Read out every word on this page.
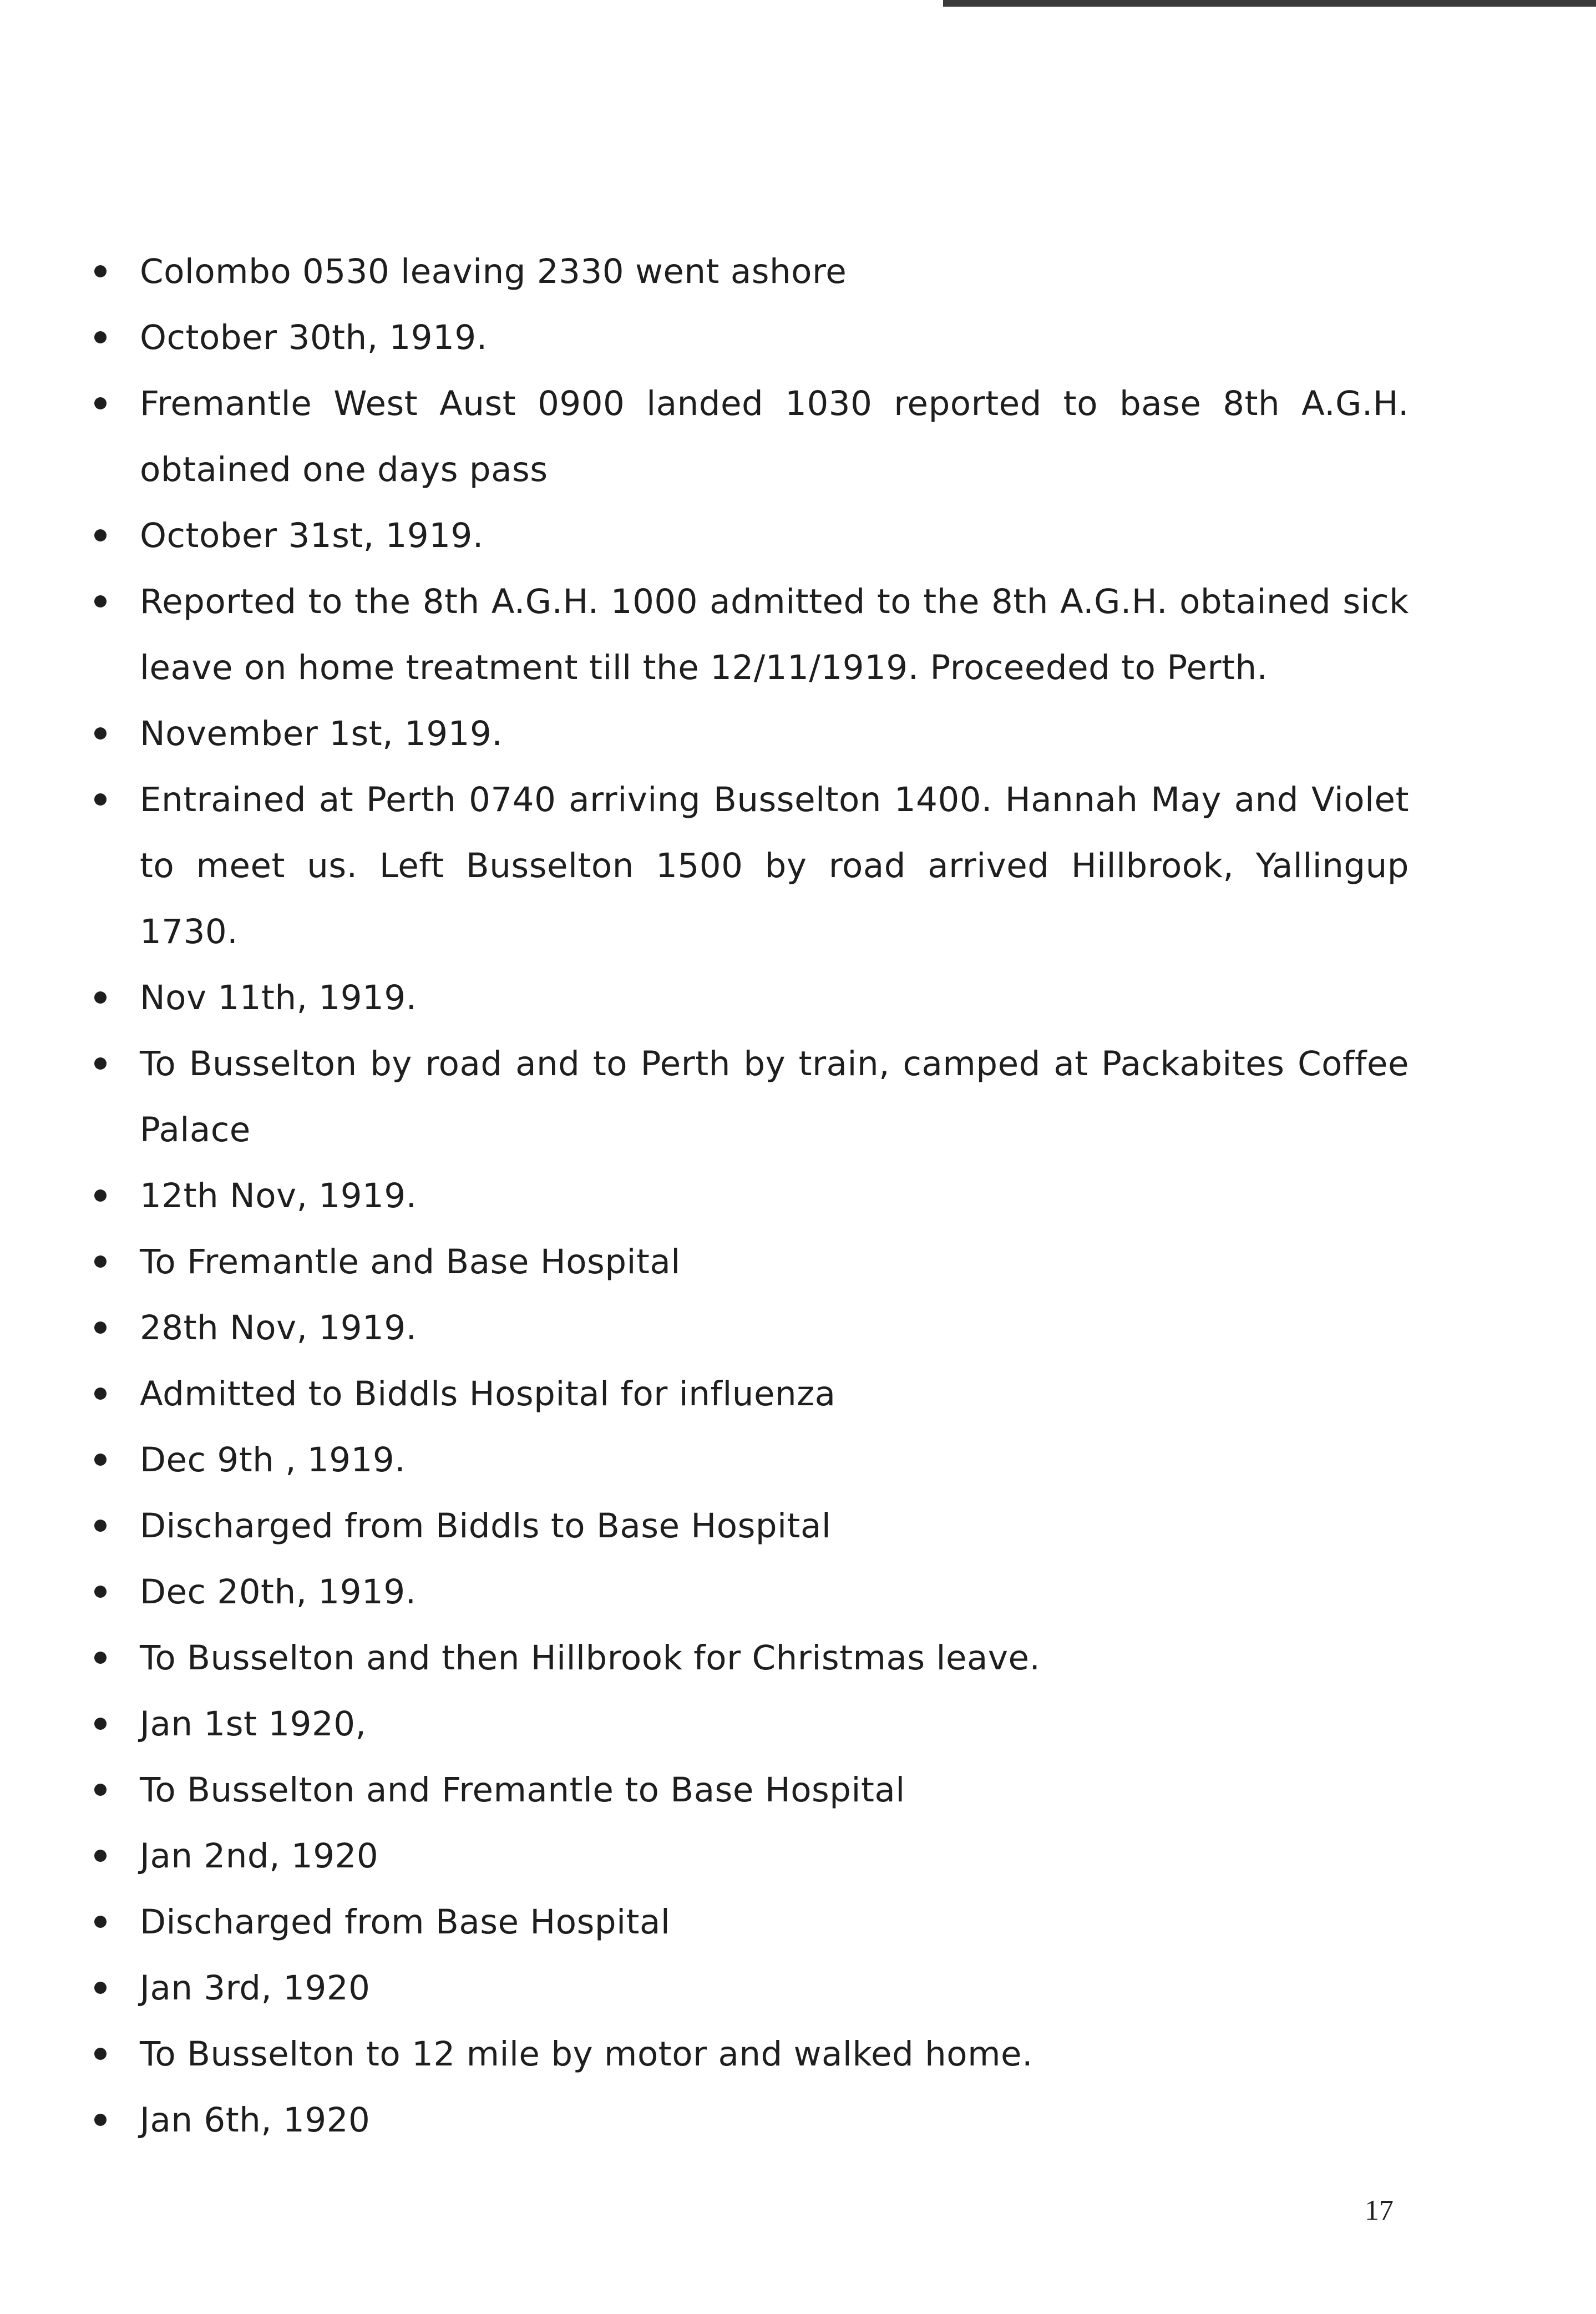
Colombo 0530 leaving 2330 went ashore
October 30th, 1919.
Fremantle West Aust 0900 landed 1030 reported to base 8th A.G.H. obtained one days pass
October 31st, 1919.
Reported to the 8th A.G.H. 1000 admitted to the 8th A.G.H. obtained sick leave on home treatment till the 12/11/1919. Proceeded to Perth.
November 1st, 1919.
Entrained at Perth 0740 arriving Busselton 1400. Hannah May and Violet to meet us. Left Busselton 1500 by road arrived Hillbrook, Yallingup 1730.
Nov 11th, 1919.
To Busselton by road and to Perth by train, camped at Packabites Coffee Palace
12th Nov, 1919.
To Fremantle and Base Hospital
28th Nov, 1919.
Admitted to Biddls Hospital for influenza
Dec 9th , 1919.
Discharged from Biddls to Base Hospital
Dec 20th, 1919.
To Busselton and then Hillbrook for Christmas leave.
Jan 1st 1920,
To Busselton and Fremantle to Base Hospital
Jan 2nd, 1920
Discharged from Base Hospital
Jan 3rd, 1920
To Busselton to 12 mile by motor and walked home.
Jan 6th, 1920
17
